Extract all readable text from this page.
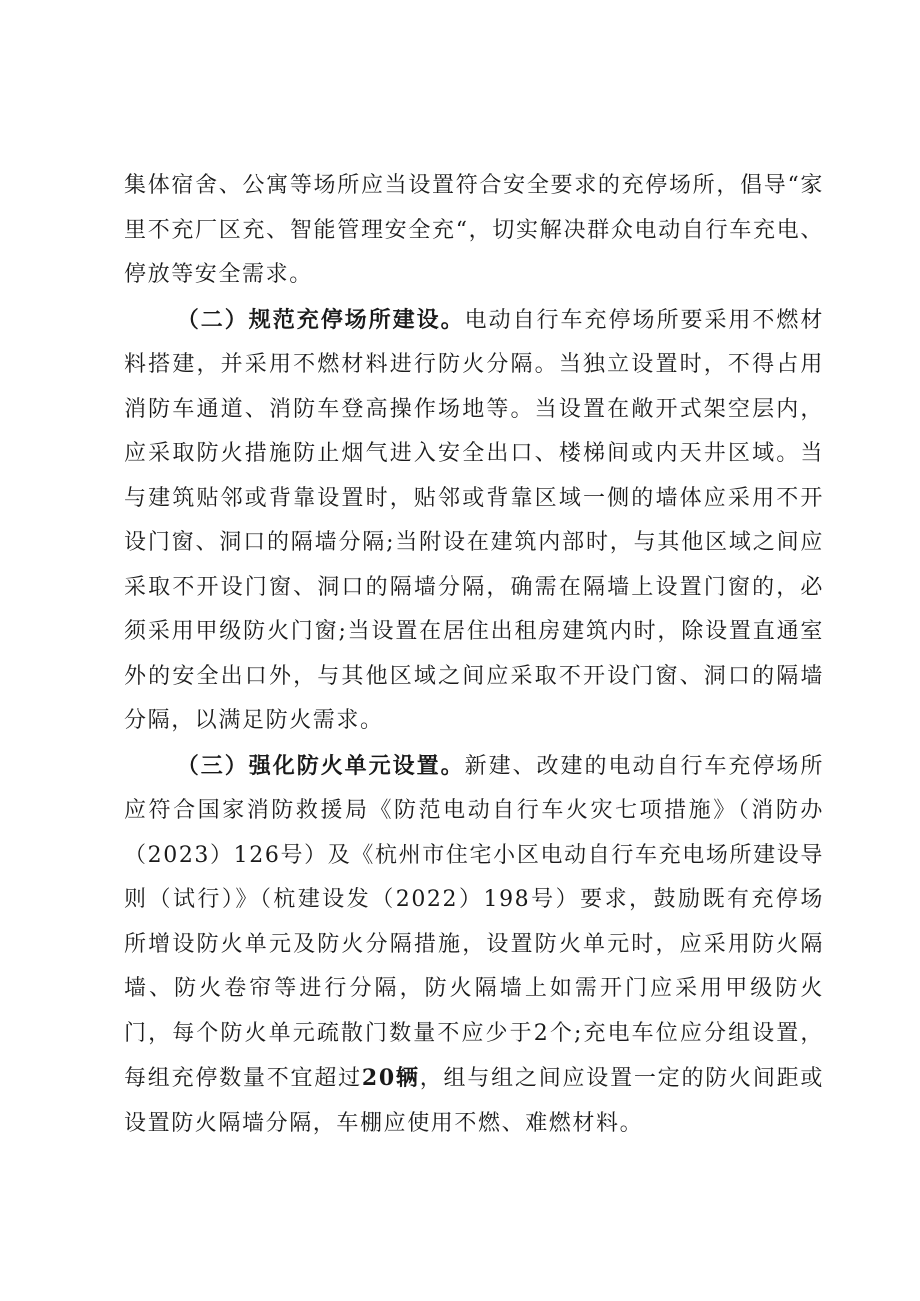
集体宿舍、公寓等场所应当设置符合安全要求的充停场所，倡导“家里不充厂区充、智能管理安全充“，切实解决群众电动自行车充电、停放等安全需求。

（二）规范充停场所建设。电动自行车充停场所要采用不燃材料搭建，并采用不燃材料进行防火分隔。当独立设置时，不得占用消防车通道、消防车登高操作场地等。当设置在敞开式架空层内，应采取防火措施防止烟气进入安全出口、楼梯间或内天井区域。当与建筑贴邻或背靠设置时，贴邻或背靠区域一侧的墙体应采用不开设门窗、洞口的隔墙分隔;当附设在建筑内部时，与其他区域之间应采取不开设门窗、洞口的隔墙分隔，确需在隔墙上设置门窗的，必须采用甲级防火门窗;当设置在居住出租房建筑内时，除设置直通室外的安全出口外，与其他区域之间应采取不开设门窗、洞口的隔墙分隔，以满足防火需求。

（三）强化防火单元设置。新建、改建的电动自行车充停场所应符合国家消防救援局《防范电动自行车火灾七项措施》（消防办（2023）126号）及《杭州市住宅小区电动自行车充电场所建设导则（试行）》（杭建设发（2022）198号）要求，鼓励既有充停场所增设防火单元及防火分隔措施，设置防火单元时，应采用防火隔墙、防火卷帘等进行分隔，防火隔墙上如需开门应采用甲级防火门，每个防火单元疏散门数量不应少于2个;充电车位应分组设置，每组充停数量不宜超过20辆，组与组之间应设置一定的防火间距或设置防火隔墙分隔，车棚应使用不燃、难燃材料。
